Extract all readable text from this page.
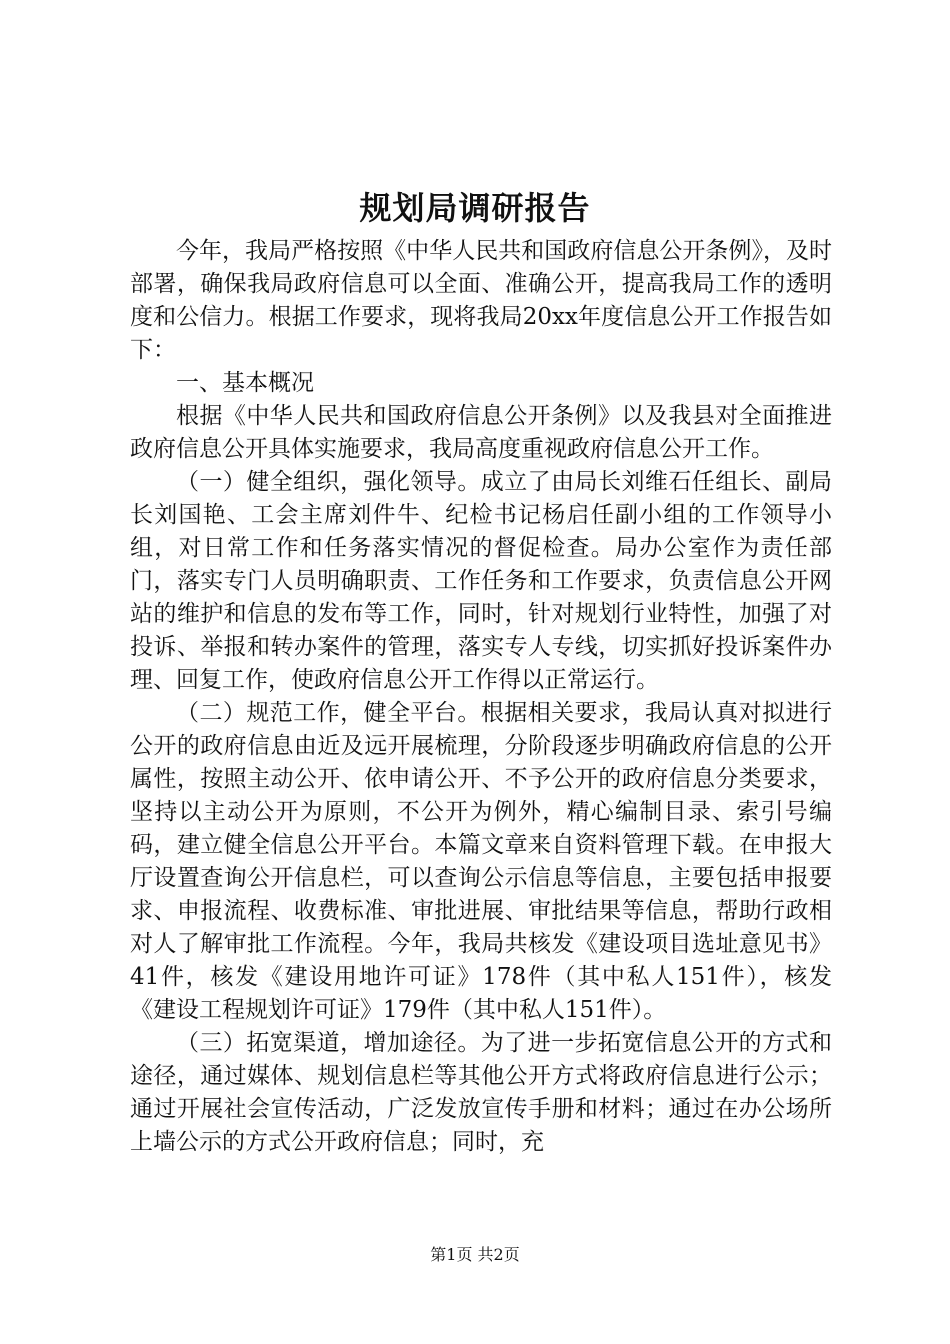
规划局调研报告

今年，我局严格按照《中华人民共和国政府信息公开条例》，及时部署，确保我局政府信息可以全面、准确公开，提高我局工作的透明度和公信力。根据工作要求，现将我局20xx年度信息公开工作报告如下：

一、基本概况

根据《中华人民共和国政府信息公开条例》以及我县对全面推进政府信息公开具体实施要求，我局高度重视政府信息公开工作。

（一）健全组织，强化领导。成立了由局长刘维石任组长、副局长刘国艳、工会主席刘件牛、纪检书记杨启任副小组的工作领导小组，对日常工作和任务落实情况的督促检查。局办公室作为责任部门，落实专门人员明确职责、工作任务和工作要求，负责信息公开网站的维护和信息的发布等工作，同时，针对规划行业特性，加强了对投诉、举报和转办案件的管理，落实专人专线，切实抓好投诉案件办理、回复工作，使政府信息公开工作得以正常运行。

（二）规范工作，健全平台。根据相关要求，我局认真对拟进行公开的政府信息由近及远开展梳理，分阶段逐步明确政府信息的公开属性，按照主动公开、依申请公开、不予公开的政府信息分类要求，坚持以主动公开为原则，不公开为例外，精心编制目录、索引号编码，建立健全信息公开平台。本篇文章来自资料管理下载。在申报大厅设置查询公开信息栏，可以查询公示信息等信息，主要包括申报要求、申报流程、收费标准、审批进展、审批结果等信息，帮助行政相对人了解审批工作流程。今年，我局共核发《建设项目选址意见书》41件，核发《建设用地许可证》178件（其中私人151件），核发《建设工程规划许可证》179件（其中私人151件）。

（三）拓宽渠道，增加途径。为了进一步拓宽信息公开的方式和途径，通过媒体、规划信息栏等其他公开方式将政府信息进行公示；通过开展社会宣传活动，广泛发放宣传手册和材料；通过在办公场所上墙公示的方式公开政府信息；同时，充

第1页 共2页
